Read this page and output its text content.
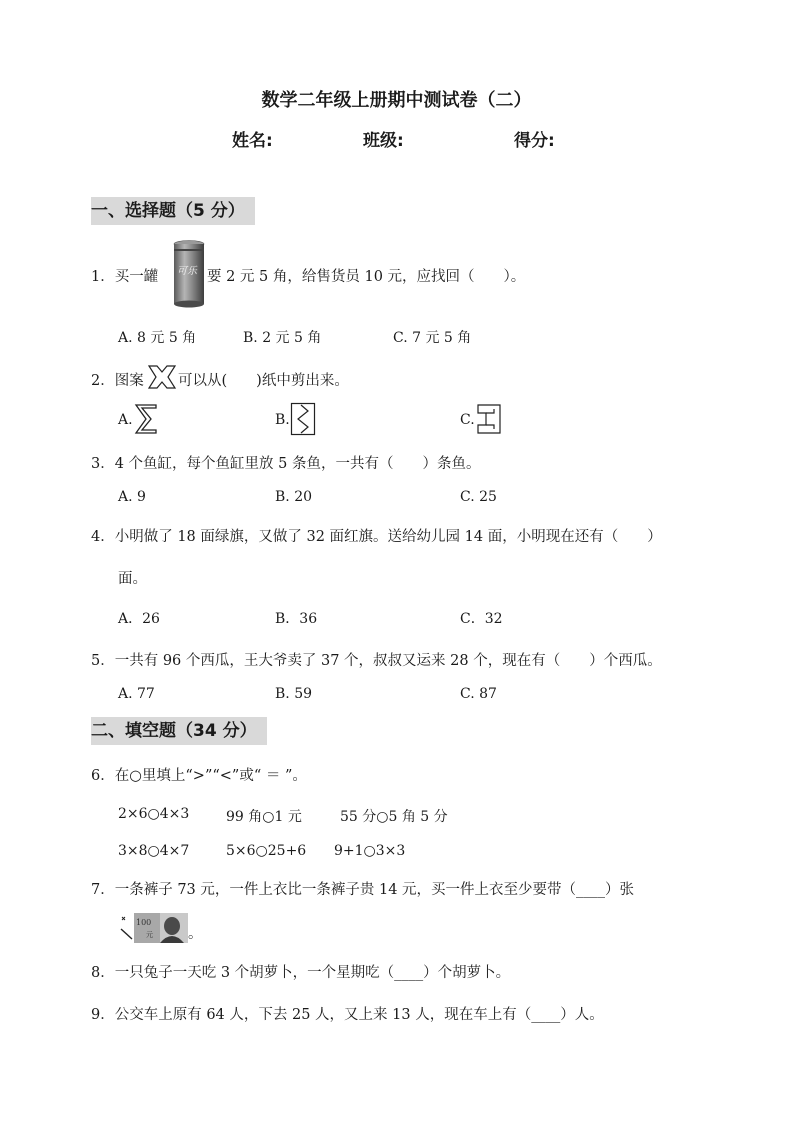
数学二年级上册期中测试卷（二）
姓名:	班级:	得分:
一、选择题（5 分）
1．买一罐 可乐 要 2 元 5 角，给售货员 10 元，应找回（　　）。
A. 8 元 5 角	B. 2 元 5 角	C. 7 元 5 角
2．图案 可以从(　　)纸中剪出来。
A.	B.	C.
3．4 个鱼缸，每个鱼缸里放 5 条鱼，一共有（　　）条鱼。
A. 9	B. 20	C. 25
4．小明做了 18 面绿旗，又做了 32 面红旗。送给幼儿园 14 面，小明现在还有（　　）
面。
A．26	B．36	C．32
5．一共有 96 个西瓜，王大爷卖了 37 个，叔叔又运来 28 个，现在有（　　）个西瓜。
A. 77	B. 59	C. 87
二、填空题（34 分）
6．在○里填上“>”“<”或“ ＝ ”。
2×6○4×3	99 角○1 元	55 分○5 角 5 分
3×8○4×7	5×6○25+6 9+1○3×3
7．一条裤子 73 元，一件上衣比一条裤子贵 14 元，买一件上衣至少要带（____）张
100
元 。
8．一只兔子一天吃 3 个胡萝卜，一个星期吃（____）个胡萝卜。
9．公交车上原有 64 人，下去 25 人，又上来 13 人，现在车上有（____）人。
